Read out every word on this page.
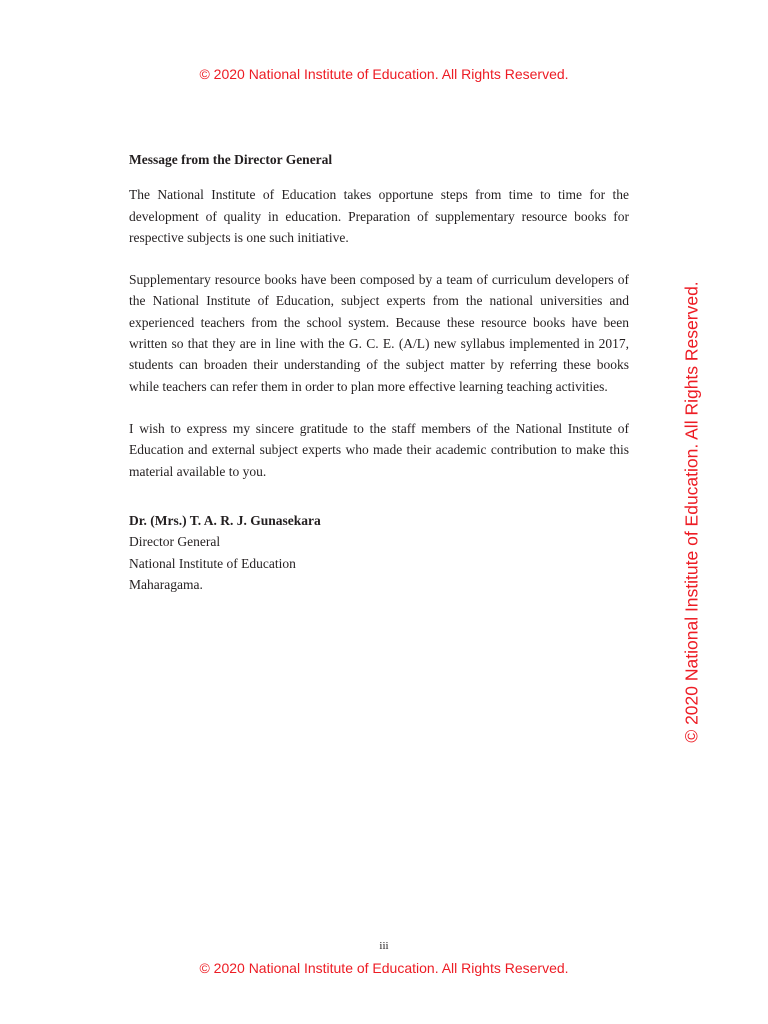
© 2020 National Institute of Education. All Rights Reserved.

Message from the Director General

The National Institute of Education takes opportune steps from time to time for the development of quality in education. Preparation of supplementary resource books for respective subjects is one such initiative.

Supplementary resource books have been composed by a team of curriculum developers of the National Institute of Education, subject experts from the national universities and experienced teachers from the school system. Because these resource books have been written so that they are in line with the G. C. E. (A/L) new syllabus implemented in 2017, students can broaden their understanding of the subject matter by referring these books while teachers can refer them in order to plan more effective learning teaching activities.

I wish to express my sincere gratitude to the staff members of the National Institute of Education and external subject experts who made their academic contribution to make this material available to you.

Dr. (Mrs.) T. A. R. J. Gunasekara
Director General
National Institute of Education
Maharagama.	© 2020 National Institute of Education. All Rights Reserved.
iii
© 2020 National Institute of Education. All Rights Reserved.
